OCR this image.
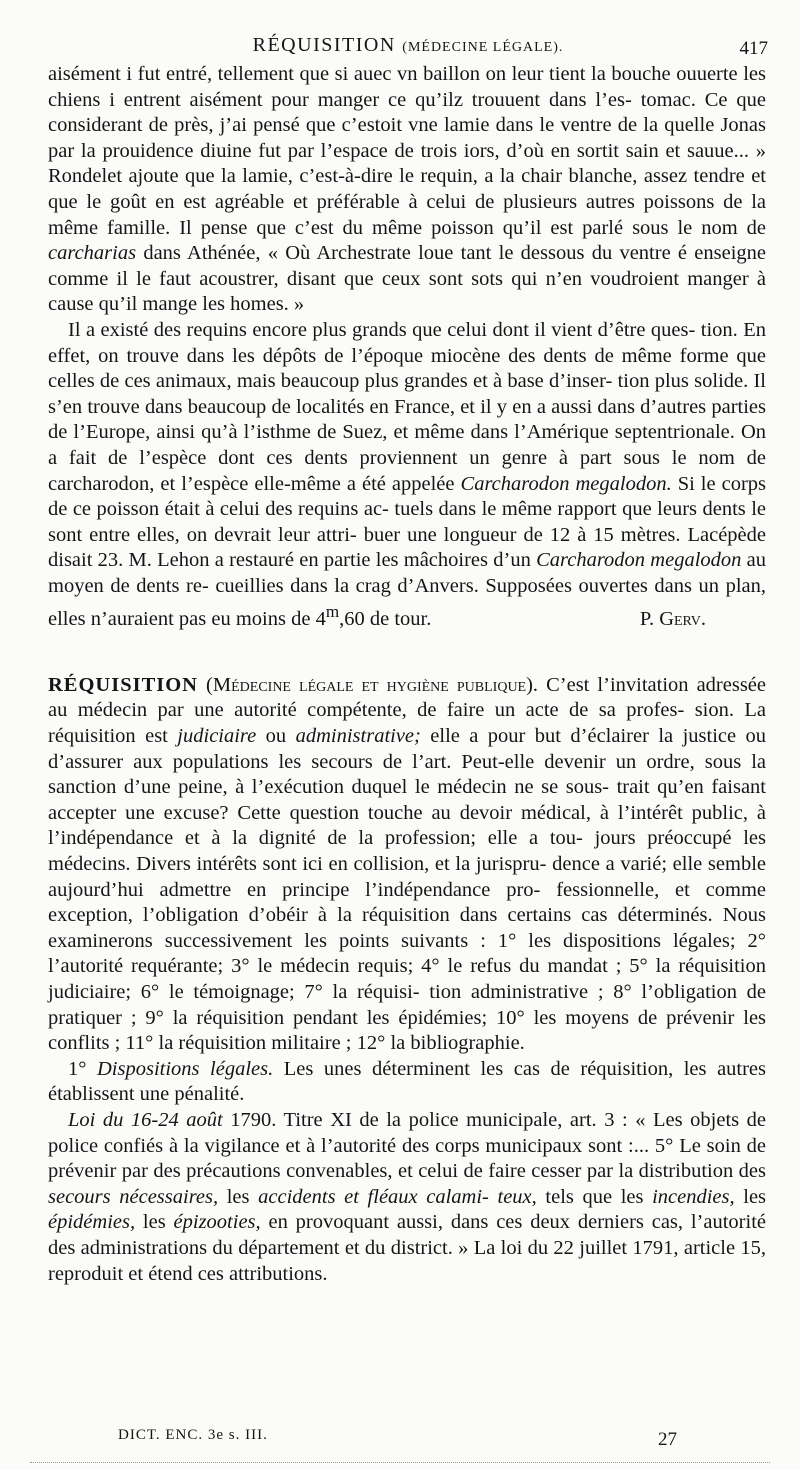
RÉQUISITION (MÉDECINE LÉGALE).	417

aisément i fut entré, tellement que si auec vn baillon on leur tient la bouche ouuerte les chiens i entrent aisément pour manger ce qu’ilz trouuent dans l’es- tomac. Ce que considerant de près, j’ai pensé que c’estoit vne lamie dans le ventre de la quelle Jonas par la prouidence diuine fut par l’espace de trois iors, d’où en sortit sain et sauue... » Rondelet ajoute que la lamie, c’est-à-dire le requin, a la chair blanche, assez tendre et que le goût en est agréable et préférable à celui de plusieurs autres poissons de la même famille. Il pense que c’est du même poisson qu’il est parlé sous le nom de carcharias dans Athénée, « Où Archestrate loue tant le dessous du ventre é enseigne comme il le faut acoustrer, disant que ceux sont sots qui n’en voudroient manger à cause qu’il mange les homes. »

Il a existé des requins encore plus grands que celui dont il vient d’être ques- tion. En effet, on trouve dans les dépôts de l’époque miocène des dents de même forme que celles de ces animaux, mais beaucoup plus grandes et à base d’inser- tion plus solide. Il s’en trouve dans beaucoup de localités en France, et il y en a aussi dans d’autres parties de l’Europe, ainsi qu’à l’isthme de Suez, et même dans l’Amérique septentrionale. On a fait de l’espèce dont ces dents proviennent un genre à part sous le nom de carcharodon, et l’espèce elle-même a été appelée Carcharodon megalodon. Si le corps de ce poisson était à celui des requins ac- tuels dans le même rapport que leurs dents le sont entre elles, on devrait leur attri- buer une longueur de 12 à 15 mètres. Lacépède disait 23. M. Lehon a restauré en partie les mâchoires d’un Carcharodon megalodon au moyen de dents re- cueillies dans la crag d’Anvers. Supposées ouvertes dans un plan, elles n’auraient pas eu moins de 4$^m$,60 de tour.	P. Gerv.

RÉQUISITION (Médecine légale et hygiène publique). C’est l’invitation adressée au médecin par une autorité compétente, de faire un acte de sa profes- sion. La réquisition est judiciaire ou administrative; elle a pour but d’éclairer la justice ou d’assurer aux populations les secours de l’art. Peut-elle devenir un ordre, sous la sanction d’une peine, à l’exécution duquel le médecin ne se sous- trait qu’en faisant accepter une excuse? Cette question touche au devoir médical, à l’intérêt public, à l’indépendance et à la dignité de la profession; elle a tou- jours préoccupé les médecins. Divers intérêts sont ici en collision, et la jurispru- dence a varié; elle semble aujourd’hui admettre en principe l’indépendance pro- fessionnelle, et comme exception, l’obligation d’obéir à la réquisition dans certains cas déterminés. Nous examinerons successivement les points suivants : 1° les dispositions légales; 2° l’autorité requérante; 3° le médecin requis; 4° le refus du mandat ; 5° la réquisition judiciaire; 6° le témoignage; 7° la réquisi- tion administrative ; 8° l’obligation de pratiquer ; 9° la réquisition pendant les épidémies; 10° les moyens de prévenir les conflits ; 11° la réquisition militaire ; 12° la bibliographie.

1° Dispositions légales. Les unes déterminent les cas de réquisition, les autres établissent une pénalité.

Loi du 16-24 août 1790. Titre XI de la police municipale, art. 3 : « Les objets de police confiés à la vigilance et à l’autorité des corps municipaux sont :... 5° Le soin de prévenir par des précautions convenables, et celui de faire cesser par la distribution des secours nécessaires, les accidents et fléaux calami- teux, tels que les incendies, les épidémies, les épizooties, en provoquant aussi, dans ces deux derniers cas, l’autorité des administrations du département et du district. » La loi du 22 juillet 1791, article 15, reproduit et étend ces attributions.

DICT. ENC. 3e s. III.	27
